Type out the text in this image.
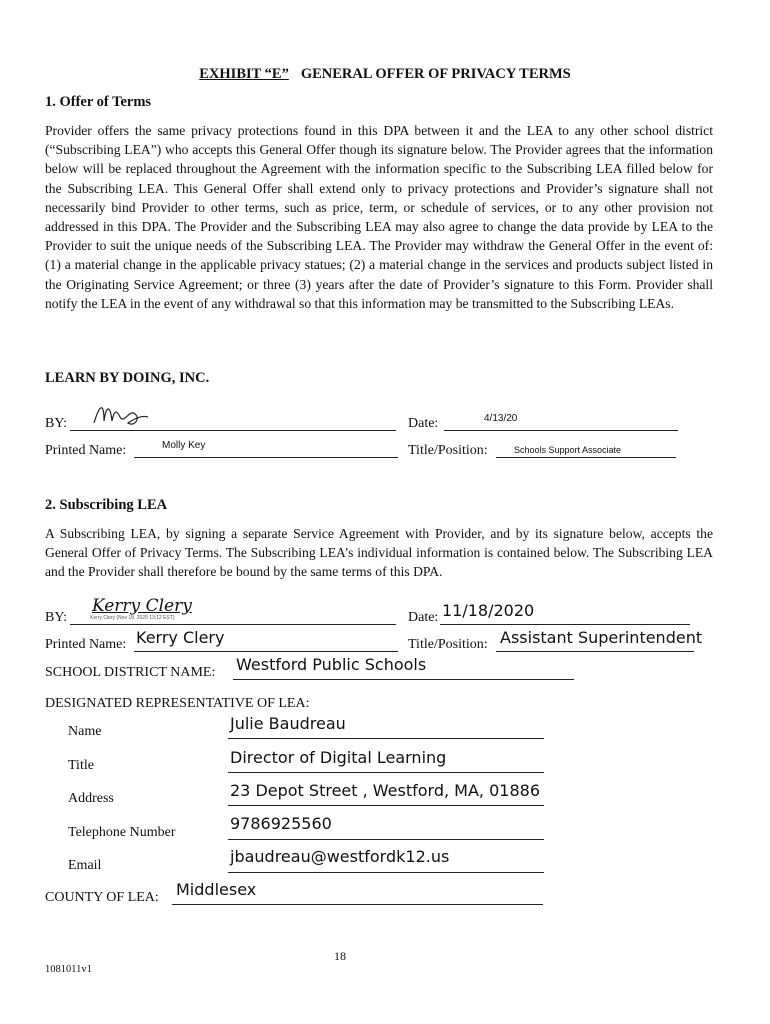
EXHIBIT “E” GENERAL OFFER OF PRIVACY TERMS
1. Offer of Terms
Provider offers the same privacy protections found in this DPA between it and the LEA to any other school district (“Subscribing LEA”) who accepts this General Offer though its signature below. The Provider agrees that the information below will be replaced throughout the Agreement with the information specific to the Subscribing LEA filled below for the Subscribing LEA. This General Offer shall extend only to privacy protections and Provider’s signature shall not necessarily bind Provider to other terms, such as price, term, or schedule of services, or to any other provision not addressed in this DPA. The Provider and the Subscribing LEA may also agree to change the data provide by LEA to the Provider to suit the unique needs of the Subscribing LEA. The Provider may withdraw the General Offer in the event of: (1) a material change in the applicable privacy statues; (2) a material change in the services and products subject listed in the Originating Service Agreement; or three (3) years after the date of Provider’s signature to this Form. Provider shall notify the LEA in the event of any withdrawal so that this information may be transmitted to the Subscribing LEAs.
LEARN BY DOING, INC.
BY:	Date:	4/13/20
Printed Name:	Molly Key	Title/Position:	Schools Support Associate
2. Subscribing LEA
A Subscribing LEA, by signing a separate Service Agreement with Provider, and by its signature below, accepts the General Offer of Privacy Terms. The Subscribing LEA’s individual information is contained below. The Subscribing LEA and the Provider shall therefore be bound by the same terms of this DPA.
BY:
Kerry Clery
Kerry Clery (Nov 18, 2020 13:12 EST)	Date: 11/18/2020
Printed Name: Kerry Clery	Title/Position: Assistant Superintendent
SCHOOL DISTRICT NAME: Westford Public Schools
DESIGNATED REPRESENTATIVE OF LEA:
Name	Julie Baudreau
Title	Director of Digital Learning
Address	23 Depot Street , Westford, MA, 01886
Telephone Number	9786925560
Email	jbaudreau@westfordk12.us
COUNTY OF LEA: Middlesex
18
1081011v1
